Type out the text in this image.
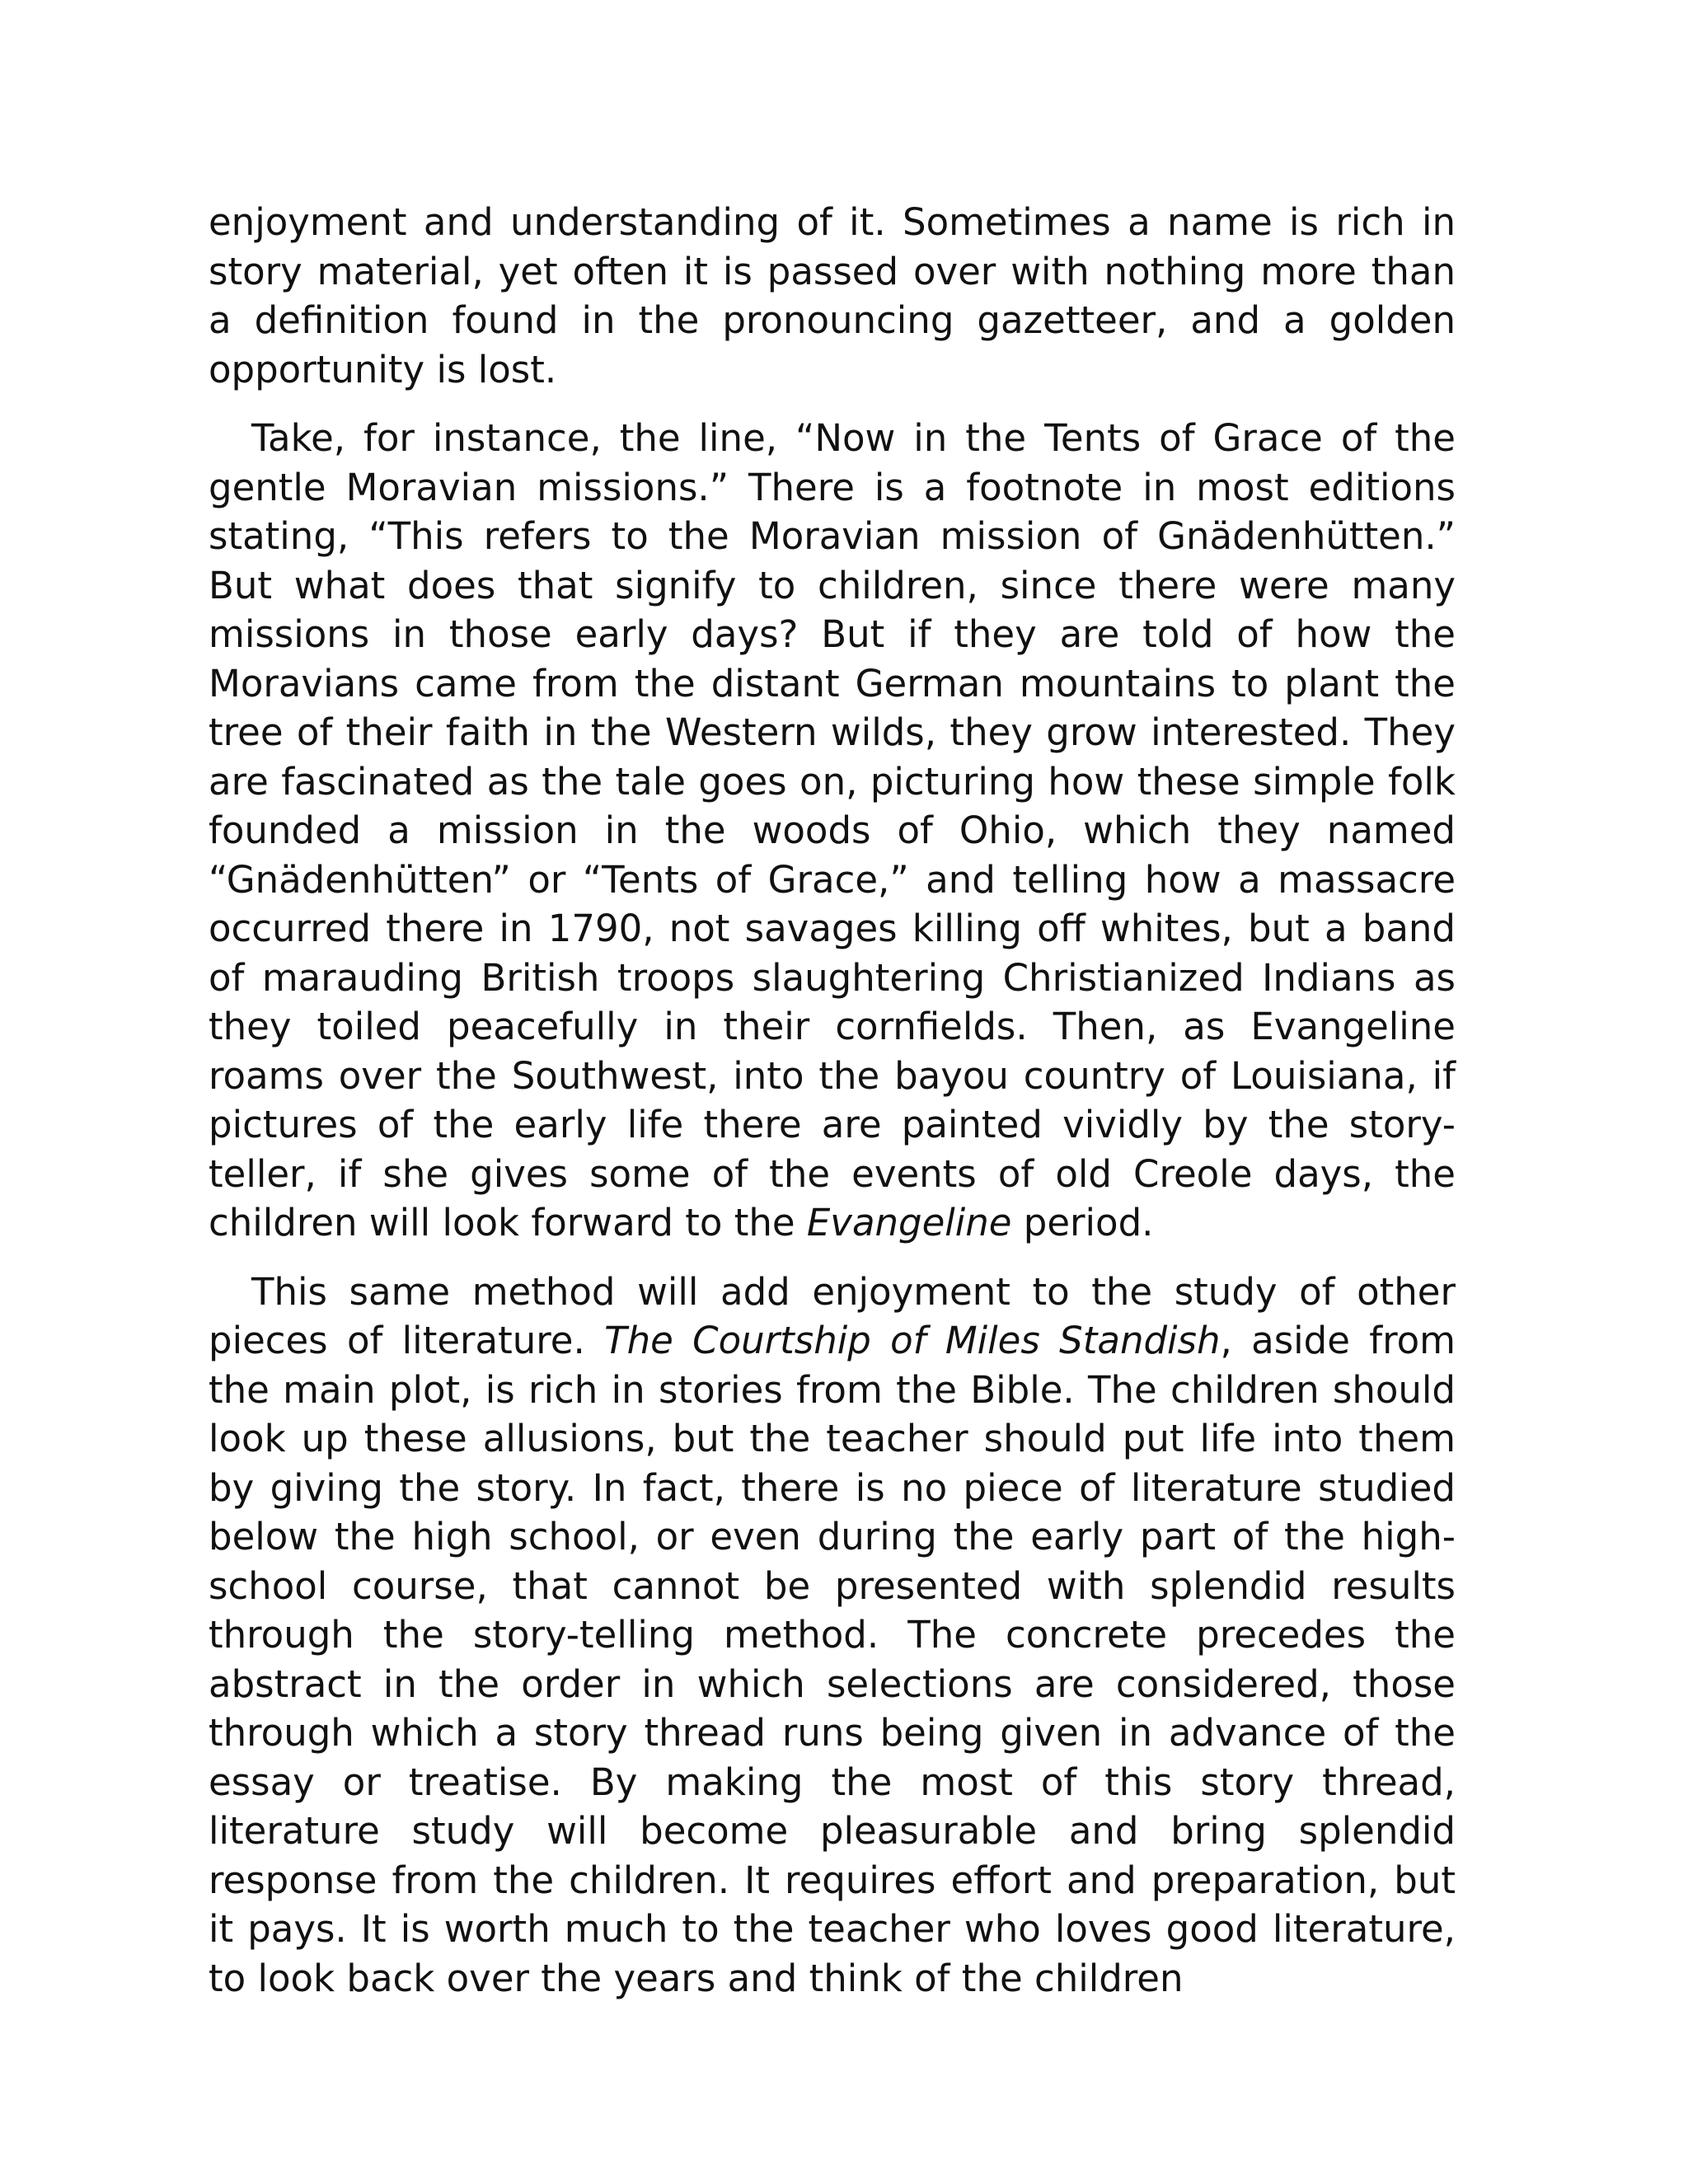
enjoyment and understanding of it. Sometimes a name is rich in story material, yet often it is passed over with nothing more than a definition found in the pronouncing gazetteer, and a golden opportunity is lost.

Take, for instance, the line, “Now in the Tents of Grace of the gentle Moravian missions.” There is a footnote in most editions stating, “This refers to the Moravian mission of Gnädenhütten.” But what does that signify to children, since there were many missions in those early days? But if they are told of how the Moravians came from the distant German mountains to plant the tree of their faith in the Western wilds, they grow interested. They are fascinated as the tale goes on, picturing how these simple folk founded a mission in the woods of Ohio, which they named “Gnädenhütten” or “Tents of Grace,” and telling how a massacre occurred there in 1790, not savages killing off whites, but a band of marauding British troops slaughtering Christianized Indians as they toiled peacefully in their cornfields. Then, as Evangeline roams over the Southwest, into the bayou country of Louisiana, if pictures of the early life there are painted vividly by the story-teller, if she gives some of the events of old Creole days, the children will look forward to the Evangeline period.

This same method will add enjoyment to the study of other pieces of literature. The Courtship of Miles Standish, aside from the main plot, is rich in stories from the Bible. The children should look up these allusions, but the teacher should put life into them by giving the story. In fact, there is no piece of literature studied below the high school, or even during the early part of the high-school course, that cannot be presented with splendid results through the story-telling method. The concrete precedes the abstract in the order in which selections are considered, those through which a story thread runs being given in advance of the essay or treatise. By making the most of this story thread, literature study will become pleasurable and bring splendid response from the children. It requires effort and preparation, but it pays. It is worth much to the teacher who loves good literature, to look back over the years and think of the children
